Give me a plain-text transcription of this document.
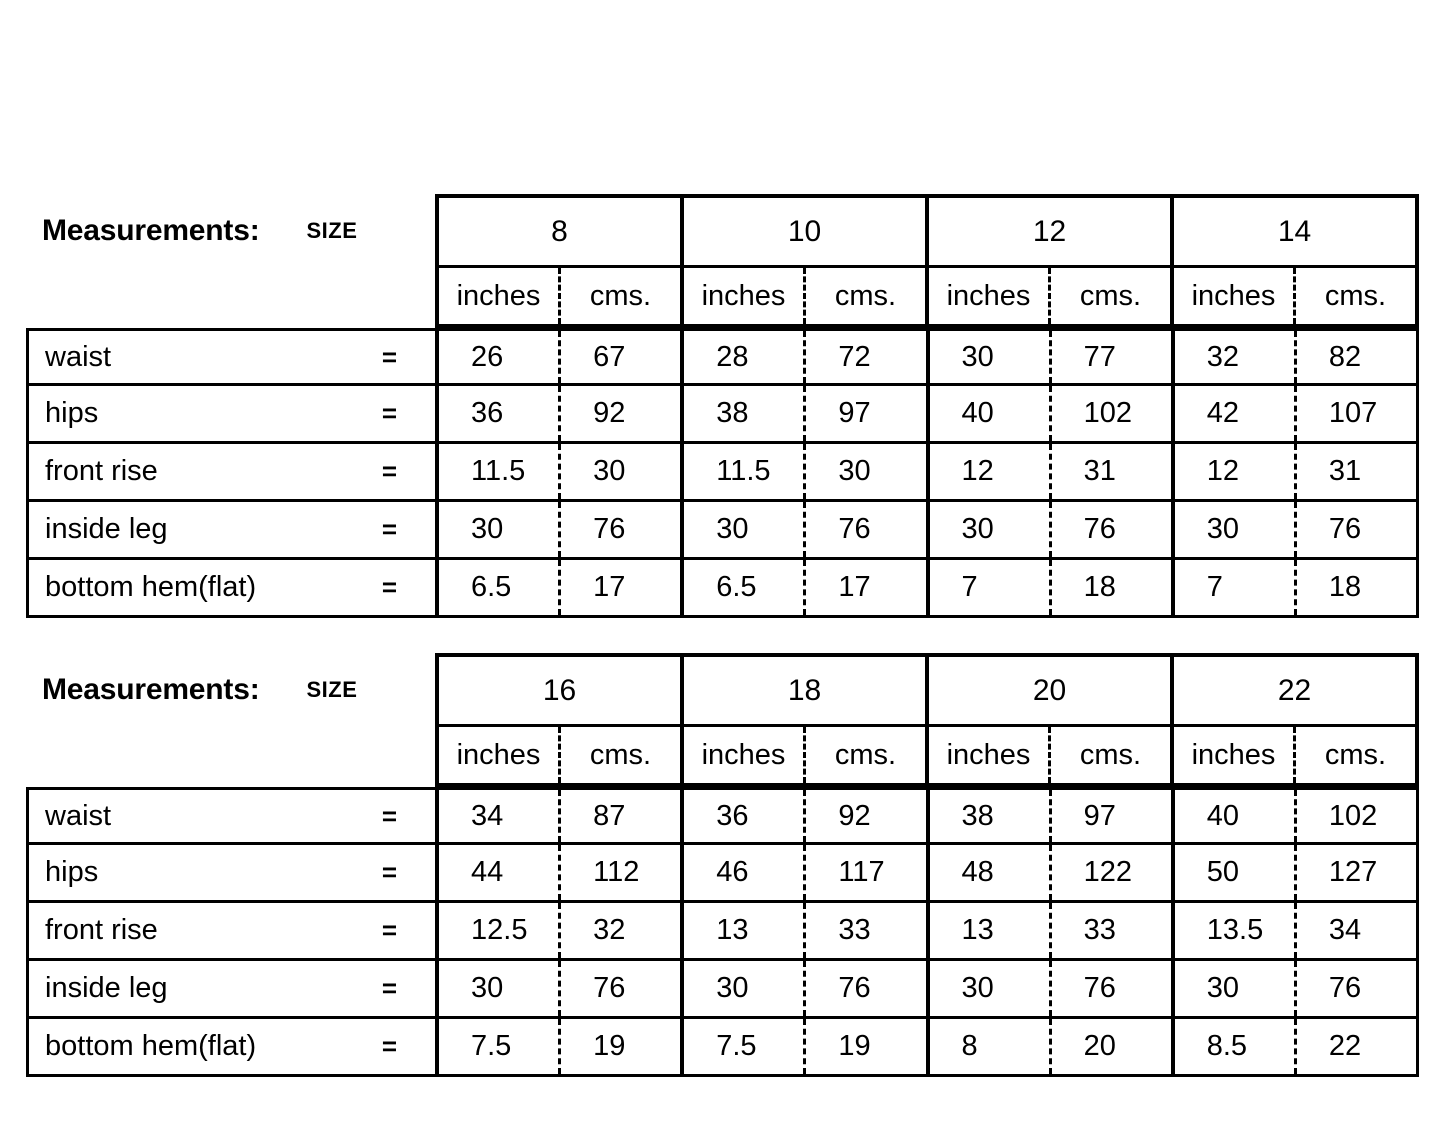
Measurements: SIZE	8	10	12	14
inches	cms.	inches	cms.	inches	cms.	inches	cms.
waist	=	26	67	28	72	30	77	32	82
hips	=	36	92	38	97	40	102	42	107
front rise	=	11.5	30	11.5	30	12	31	12	31
inside leg	=	30	76	30	76	30	76	30	76
bottom hem(flat)	=	6.5	17	6.5	17	7	18	7	18
Measurements: SIZE	16	18	20	22
inches	cms.	inches	cms.	inches	cms.	inches	cms.
waist	=	34	87	36	92	38	97	40	102
hips	=	44	112	46	117	48	122	50	127
front rise	=	12.5	32	13	33	13	33	13.5	34
inside leg	=	30	76	30	76	30	76	30	76
bottom hem(flat)	=	7.5	19	7.5	19	8	20	8.5	22
